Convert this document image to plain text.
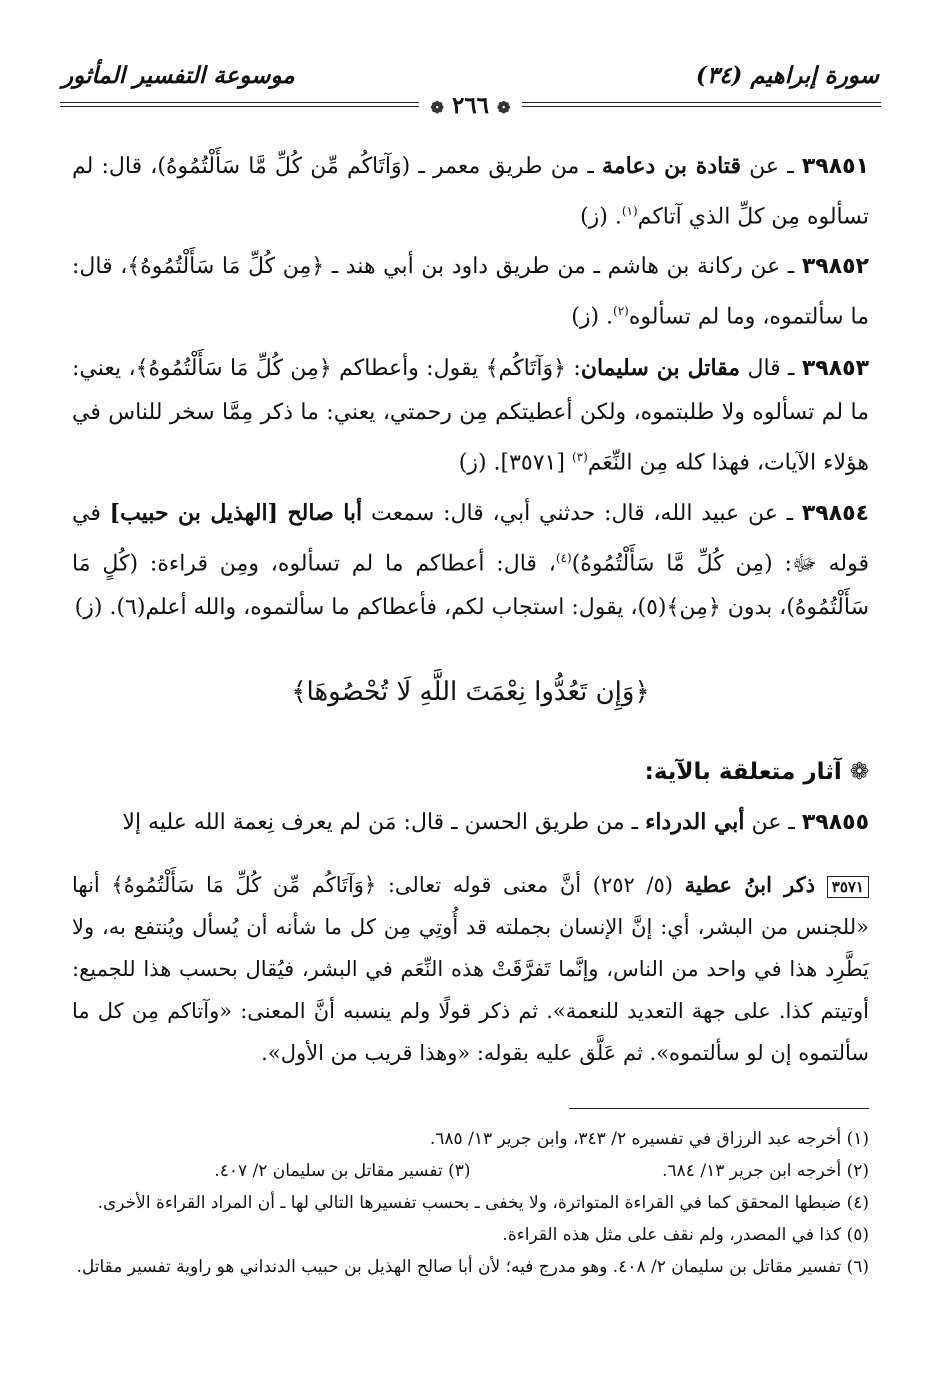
سورة إبراهيم (٣٤)
موسوعة التفسير المأثور
❁ ٢٦٦ ❁

٣٩٨٥١ ـ عن قتادة بن دعامة ـ من طريق معمر ـ (وَآتَاكُم مِّن كُلِّ مَّا سَأَلْتُمُوهُ)، قال: لم تسألوه مِن كلِّ الذي آتاكم$^{(١)}$. (ز)

٣٩٨٥٢ ـ عن ركانة بن هاشم ـ من طريق داود بن أبي هند ـ ﴿مِن كُلِّ مَا سَأَلْتُمُوهُ﴾، قال: ما سألتموه، وما لم تسألوه$^{(٢)}$. (ز)

٣٩٨٥٣ ـ قال مقاتل بن سليمان: ﴿وَآتَاكُم﴾ يقول: وأعطاكم ﴿مِن كُلِّ مَا سَأَلْتُمُوهُ﴾، يعني: ما لم تسألوه ولا طلبتموه، ولكن أعطيتكم مِن رحمتي، يعني: ما ذكر مِمَّا سخر للناس في هؤلاء الآيات، فهذا كله مِن النِّعَم$^{(٣)}$ [٣٥٧١]. (ز)

٣٩٨٥٤ ـ عن عبيد الله، قال: حدثني أبي، قال: سمعت أبا صالح [الهذيل بن حبيب] في قوله ﷻ: (مِن كُلِّ مَّا سَأَلْتُمُوهُ)$^{(٤)}$، قال: أعطاكم ما لم تسألوه، ومِن قراءة: (كُلٍ مَا سَأَلْتُمُوهُ)، بدون ﴿مِن﴾(٥)، يقول: استجاب لكم، فأعطاكم ما سألتموه، والله أعلم(٦). (ز)

﴿وَإِن تَعُدُّوا نِعْمَتَ اللَّهِ لَا تُحْصُوهَا﴾
❁ آثار متعلقة بالآية:

٣٩٨٥٥ ـ عن أبي الدرداء ـ من طريق الحسن ـ قال: مَن لم يعرف نِعمة الله عليه إلا

٣٥٧١ ذكر ابنُ عطية (٥/ ٢٥٢) أنَّ معنى قوله تعالى: ﴿وَآتَاكُم مِّن كُلِّ مَا سَأَلْتُمُوهُ﴾ أنها «للجنس من البشر، أي: إنَّ الإنسان بجملته قد أُوتِي مِن كل ما شأنه أن يُسأل ويُنتفع به، ولا يَطَّرِد هذا في واحد من الناس، وإنَّما تَفرَّقَتْ هذه النِّعَم في البشر، فيُقال بحسب هذا للجميع: أوتيتم كذا. على جهة التعديد للنعمة». ثم ذكر قولًا ولم ينسبه أنَّ المعنى: «وآتاكم مِن كل ما سألتموه إن لو سألتموه». ثم عَلَّق عليه بقوله: «وهذا قريب من الأول».
(١) أخرجه عبد الرزاق في تفسيره ٢/ ٣٤٣، وابن جرير ١٣/ ٦٨٥.
(٢) أخرجه ابن جرير ١٣/ ٦٨٤.
(٣) تفسير مقاتل بن سليمان ٢/ ٤٠٧.
(٤) ضبطها المحقق كما في القراءة المتواترة، ولا يخفى ـ بحسب تفسيرها التالي لها ـ أن المراد القراءة الأخرى.
(٥) كذا في المصدر، ولم نقف على مثل هذه القراءة.
(٦) تفسير مقاتل بن سليمان ٢/ ٤٠٨. وهو مدرج فيه؛ لأن أبا صالح الهذيل بن حبيب الدنداني هو راوية تفسير مقاتل.
